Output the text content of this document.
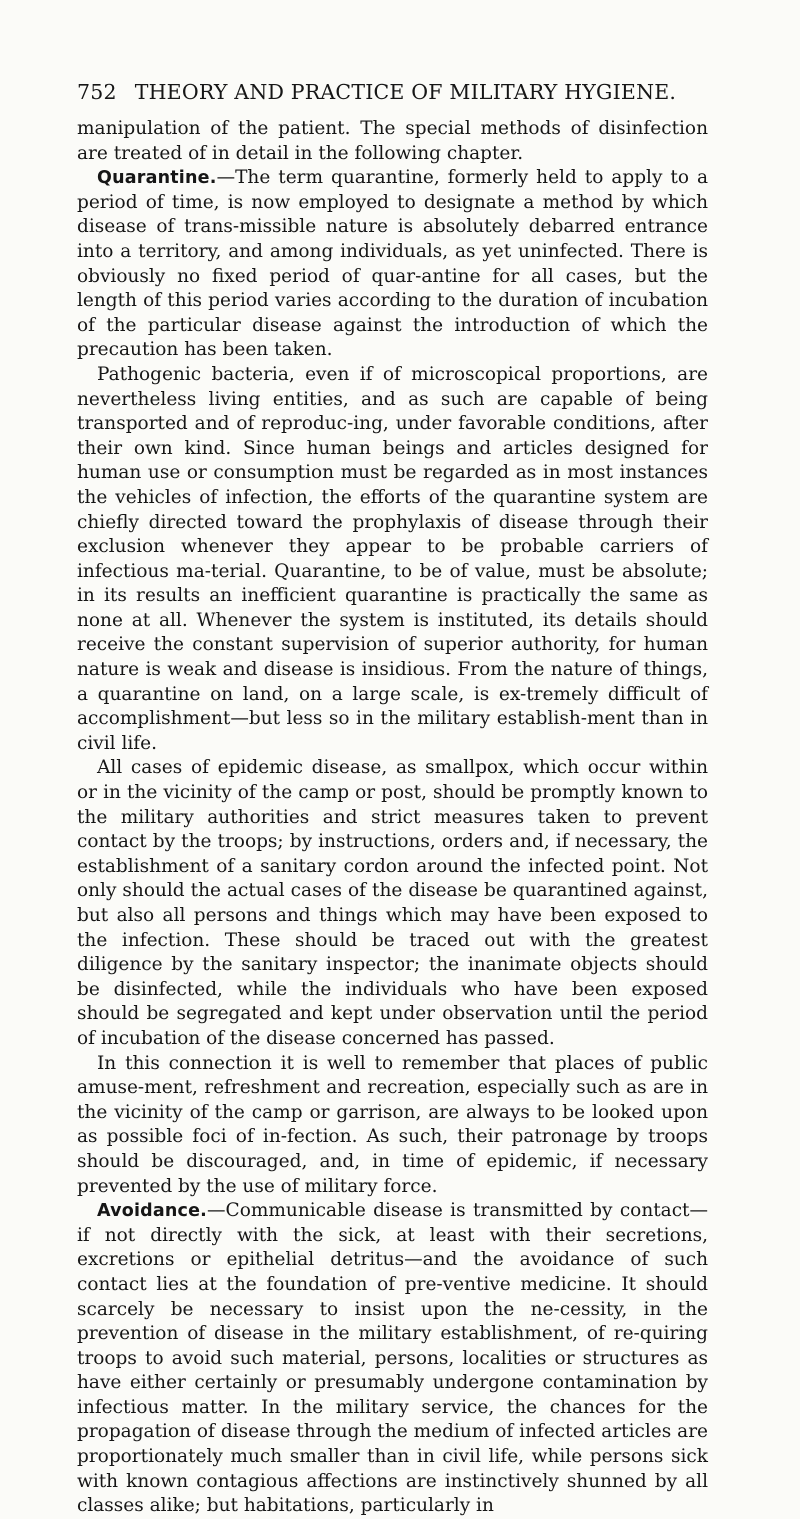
752 THEORY AND PRACTICE OF MILITARY HYGIENE.

manipulation of the patient. The special methods of disinfection are treated of in detail in the following chapter.

Quarantine.—The term quarantine, formerly held to apply to a period of time, is now employed to designate a method by which disease of trans-missible nature is absolutely debarred entrance into a territory, and among individuals, as yet uninfected. There is obviously no fixed period of quar-antine for all cases, but the length of this period varies according to the duration of incubation of the particular disease against the introduction of which the precaution has been taken.

Pathogenic bacteria, even if of microscopical proportions, are nevertheless living entities, and as such are capable of being transported and of reproduc-ing, under favorable conditions, after their own kind. Since human beings and articles designed for human use or consumption must be regarded as in most instances the vehicles of infection, the efforts of the quarantine system are chiefly directed toward the prophylaxis of disease through their exclusion whenever they appear to be probable carriers of infectious ma-terial. Quarantine, to be of value, must be absolute; in its results an inefficient quarantine is practically the same as none at all. Whenever the system is instituted, its details should receive the constant supervision of superior authority, for human nature is weak and disease is insidious. From the nature of things, a quarantine on land, on a large scale, is ex-tremely difficult of accomplishment—but less so in the military establish-ment than in civil life.

All cases of epidemic disease, as smallpox, which occur within or in the vicinity of the camp or post, should be promptly known to the military authorities and strict measures taken to prevent contact by the troops; by instructions, orders and, if necessary, the establishment of a sanitary cordon around the infected point. Not only should the actual cases of the disease be quarantined against, but also all persons and things which may have been exposed to the infection. These should be traced out with the greatest diligence by the sanitary inspector; the inanimate objects should be disinfected, while the individuals who have been exposed should be segregated and kept under observation until the period of incubation of the disease concerned has passed.

In this connection it is well to remember that places of public amuse-ment, refreshment and recreation, especially such as are in the vicinity of the camp or garrison, are always to be looked upon as possible foci of in-fection. As such, their patronage by troops should be discouraged, and, in time of epidemic, if necessary prevented by the use of military force.

Avoidance.—Communicable disease is transmitted by contact—if not directly with the sick, at least with their secretions, excretions or epithelial detritus—and the avoidance of such contact lies at the foundation of pre-ventive medicine. It should scarcely be necessary to insist upon the ne-cessity, in the prevention of disease in the military establishment, of re-quiring troops to avoid such material, persons, localities or structures as have either certainly or presumably undergone contamination by infectious matter. In the military service, the chances for the propagation of disease through the medium of infected articles are proportionately much smaller than in civil life, while persons sick with known contagious affections are instinctively shunned by all classes alike; but habitations, particularly in
